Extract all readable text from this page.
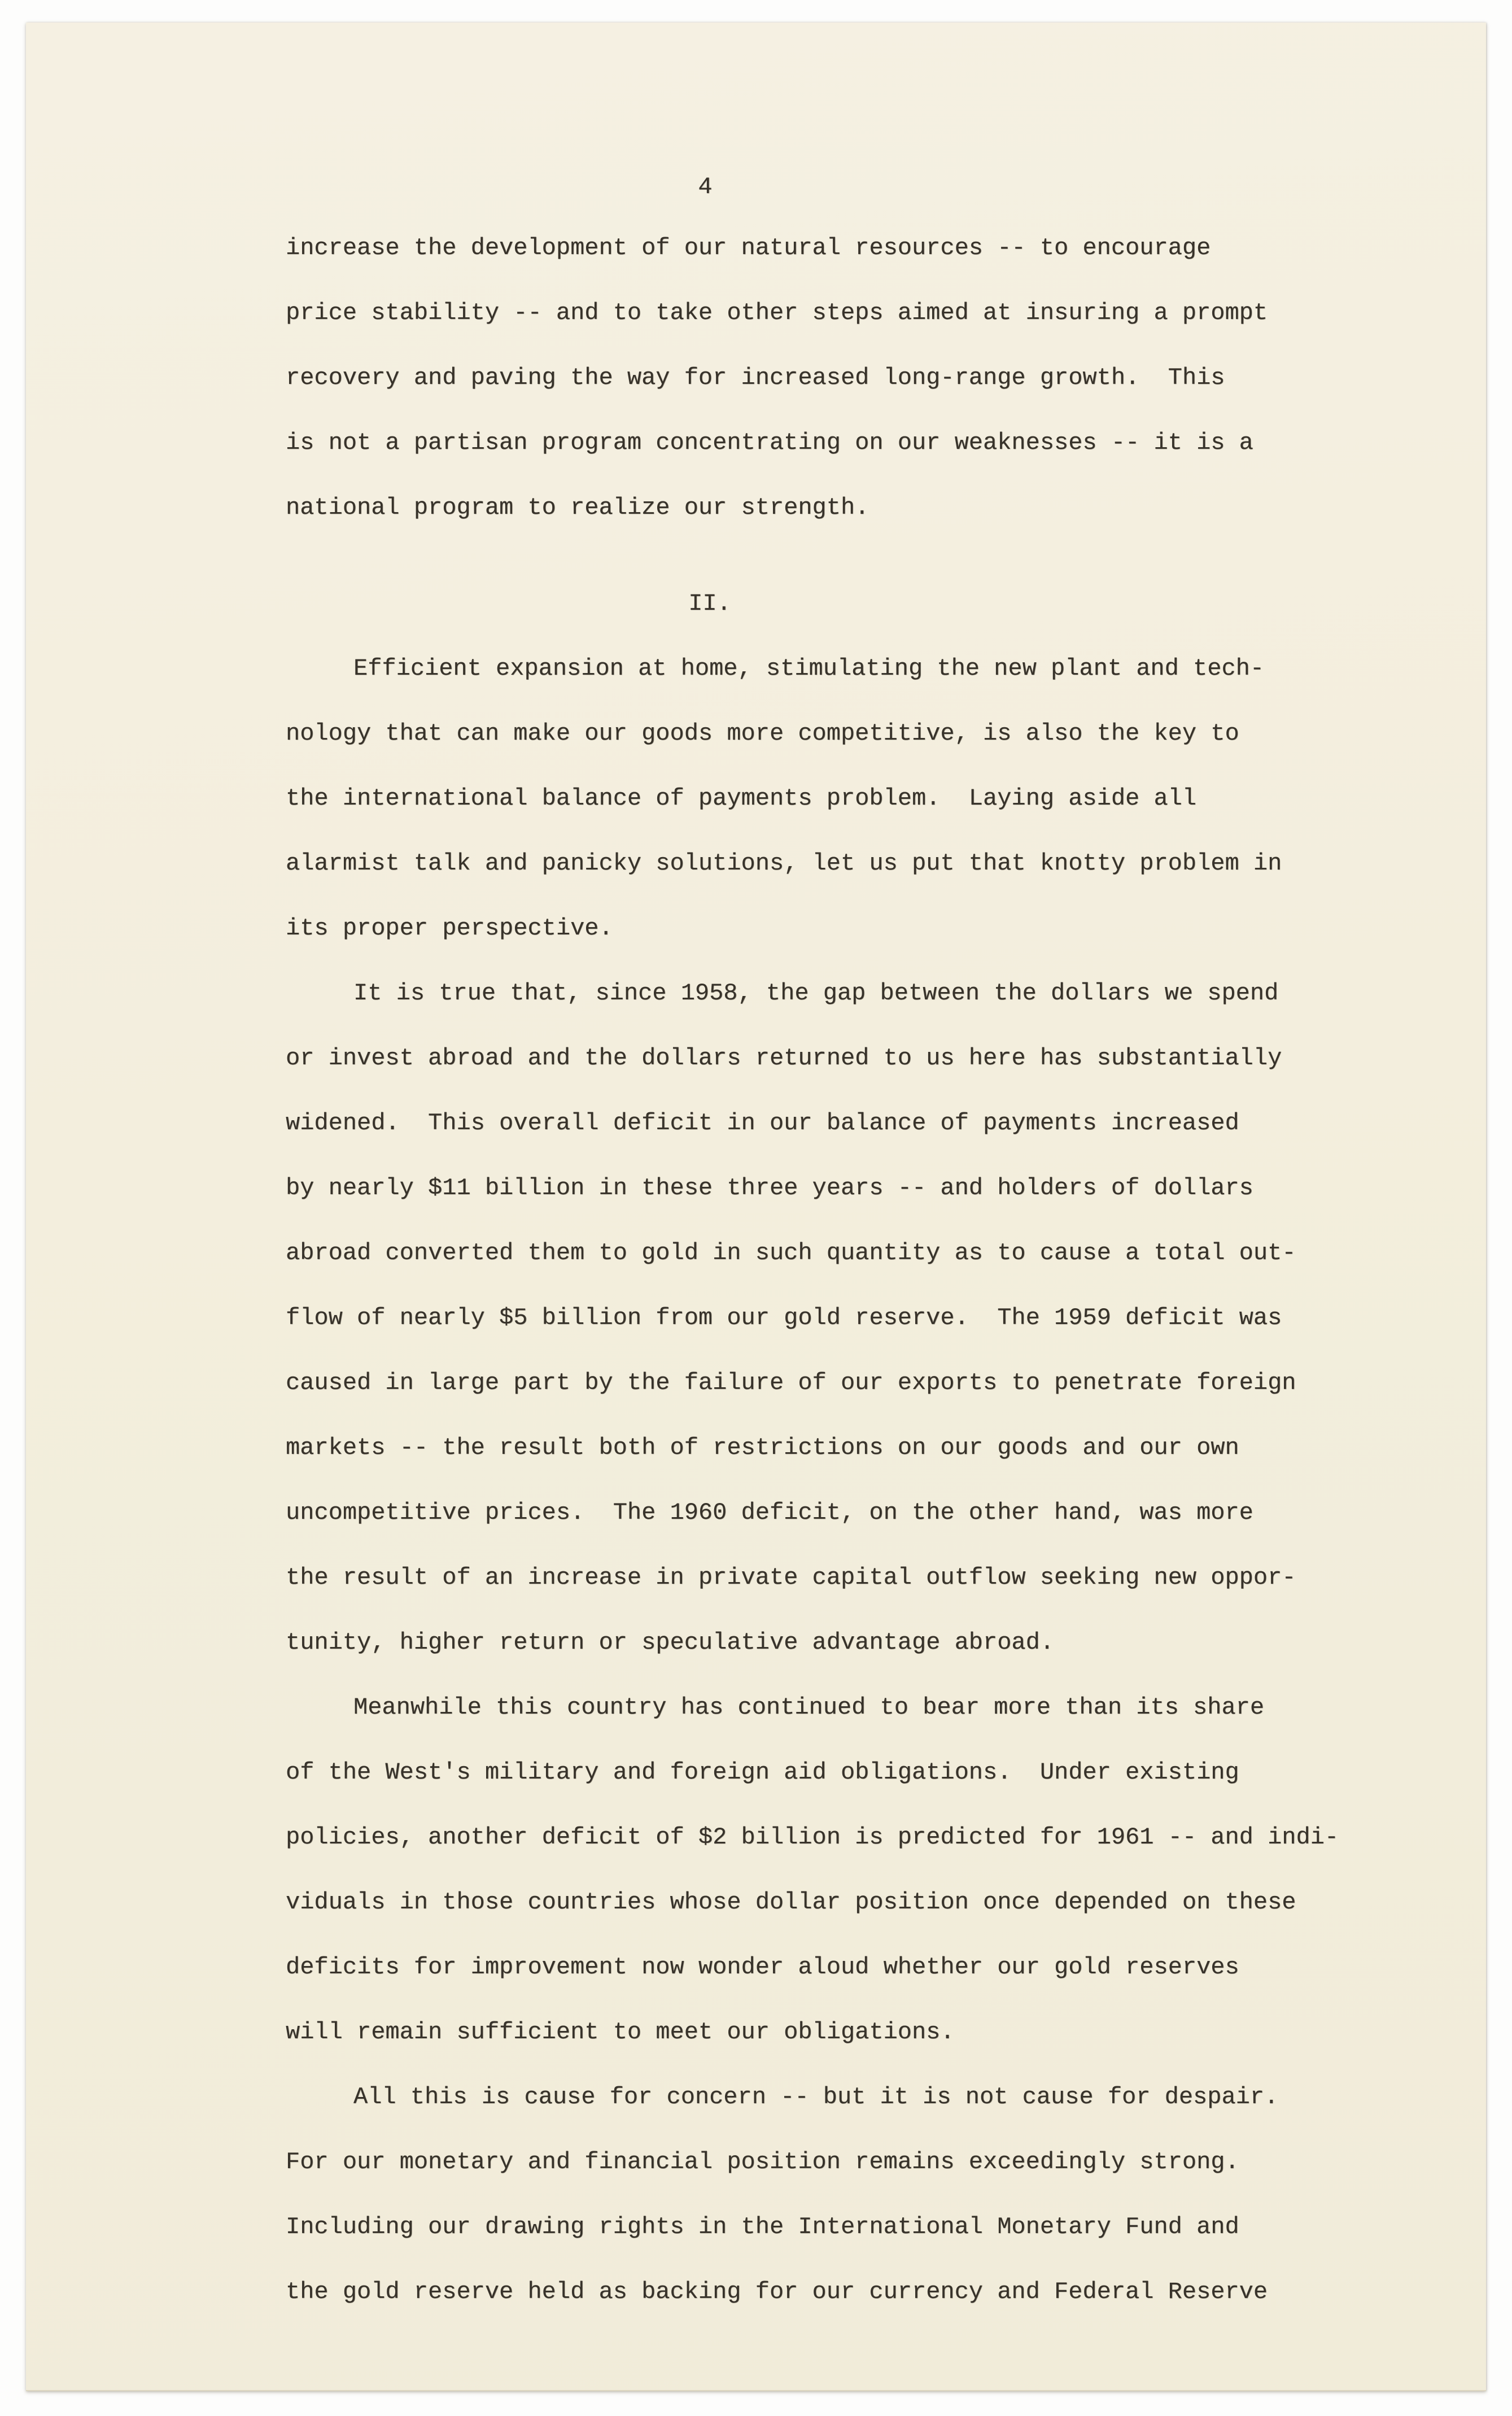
4
increase the development of our natural resources -- to encourage
price stability -- and to take other steps aimed at insuring a prompt
recovery and paving the way for increased long-range growth.  This
is not a partisan program concentrating on our weaknesses -- it is a
national program to realize our strength.
II.
Efficient expansion at home, stimulating the new plant and tech-
nology that can make our goods more competitive, is also the key to
the international balance of payments problem.  Laying aside all
alarmist talk and panicky solutions, let us put that knotty problem in
its proper perspective.
It is true that, since 1958, the gap between the dollars we spend
or invest abroad and the dollars returned to us here has substantially
widened.  This overall deficit in our balance of payments increased
by nearly $11 billion in these three years -- and holders of dollars
abroad converted them to gold in such quantity as to cause a total out-
flow of nearly $5 billion from our gold reserve.  The 1959 deficit was
caused in large part by the failure of our exports to penetrate foreign
markets -- the result both of restrictions on our goods and our own
uncompetitive prices.  The 1960 deficit, on the other hand, was more
the result of an increase in private capital outflow seeking new oppor-
tunity, higher return or speculative advantage abroad.
Meanwhile this country has continued to bear more than its share
of the West's military and foreign aid obligations.  Under existing
policies, another deficit of $2 billion is predicted for 1961 -- and indi-
viduals in those countries whose dollar position once depended on these
deficits for improvement now wonder aloud whether our gold reserves
will remain sufficient to meet our obligations.
All this is cause for concern -- but it is not cause for despair.
For our monetary and financial position remains exceedingly strong.
Including our drawing rights in the International Monetary Fund and
the gold reserve held as backing for our currency and Federal Reserve
